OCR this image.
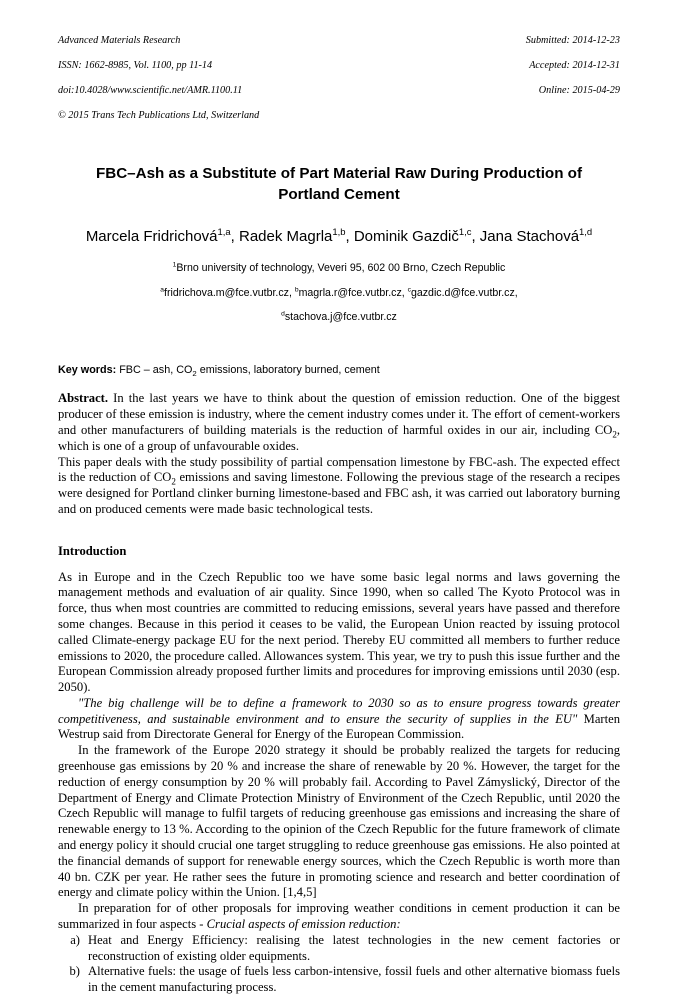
Advanced Materials Research

ISSN: 1662-8985, Vol. 1100, pp 11-14

doi:10.4028/www.scientific.net/AMR.1100.11

© 2015 Trans Tech Publications Ltd, Switzerland

Submitted: 2014-12-23

Accepted: 2014-12-31

Online: 2015-04-29

FBC–Ash as a Substitute of Part Material Raw During Production of Portland Cement
Marcela Fridrichová$^{1,a}$, Radek Magrla$^{1,b}$, Dominik Gazdič$^{1,c}$, Jana Stachová$^{1,d}$
$^1$Brno university of technology, Veveri 95, 602 00 Brno, Czech Republic
$^a$fridrichova.m@fce.vutbr.cz, $^b$magrla.r@fce.vutbr.cz, $^c$gazdic.d@fce.vutbr.cz,
$^d$stachova.j@fce.vutbr.cz
Key words: FBC – ash, $CO_2$ emissions, laboratory burned, cement

Abstract. In the last years we have to think about the question of emission reduction. One of the biggest producer of these emission is industry, where the cement industry comes under it. The effort of cement-workers and other manufacturers of building materials is the reduction of harmful oxides in our air, including $CO_2$, which is one of a group of unfavourable oxides.

This paper deals with the study possibility of partial compensation limestone by FBC-ash. The expected effect is the reduction of $CO_2$ emissions and saving limestone. Following the previous stage of the research a recipes were designed for Portland clinker burning limestone-based and FBC ash, it was carried out laboratory burning and on produced cements were made basic technological tests.

Introduction

As in Europe and in the Czech Republic too we have some basic legal norms and laws governing the management methods and evaluation of air quality. Since 1990, when so called The Kyoto Protocol was in force, thus when most countries are committed to reducing emissions, several years have passed and therefore some changes. Because in this period it ceases to be valid, the European Union reacted by issuing protocol called Climate-energy package EU for the next period. Thereby EU committed all members to further reduce emissions to 2020, the procedure called. Allowances system. This year, we try to push this issue further and the European Commission already proposed further limits and procedures for improving emissions until 2030 (esp. 2050).

"The big challenge will be to define a framework to 2030 so as to ensure progress towards greater competitiveness, and sustainable environment and to ensure the security of supplies in the EU" Marten Westrup said from Directorate General for Energy of the European Commission.

In the framework of the Europe 2020 strategy it should be probably realized the targets for reducing greenhouse gas emissions by 20 % and increase the share of renewable by 20 %. However, the target for the reduction of energy consumption by 20 % will probably fail. According to Pavel Zámyslický, Director of the Department of Energy and Climate Protection Ministry of Environment of the Czech Republic, until 2020 the Czech Republic will manage to fulfil targets of reducing greenhouse gas emissions and increasing the share of renewable energy to 13 %. According to the opinion of the Czech Republic for the future framework of climate and energy policy it should crucial one target struggling to reduce greenhouse gas emissions. He also pointed at the financial demands of support for renewable energy sources, which the Czech Republic is worth more than 40 bn. CZK per year. He rather sees the future in promoting science and research and better coordination of energy and climate policy within the Union. [1,4,5]

In preparation for of other proposals for improving weather conditions in cement production it can be summarized in four aspects - Crucial aspects of emission reduction:

a) Heat and Energy Efficiency: realising the latest technologies in the new cement factories or reconstruction of existing older equipments.
b) Alternative fuels: the usage of fuels less carbon-intensive, fossil fuels and other alternative biomass fuels in the cement manufacturing process.
